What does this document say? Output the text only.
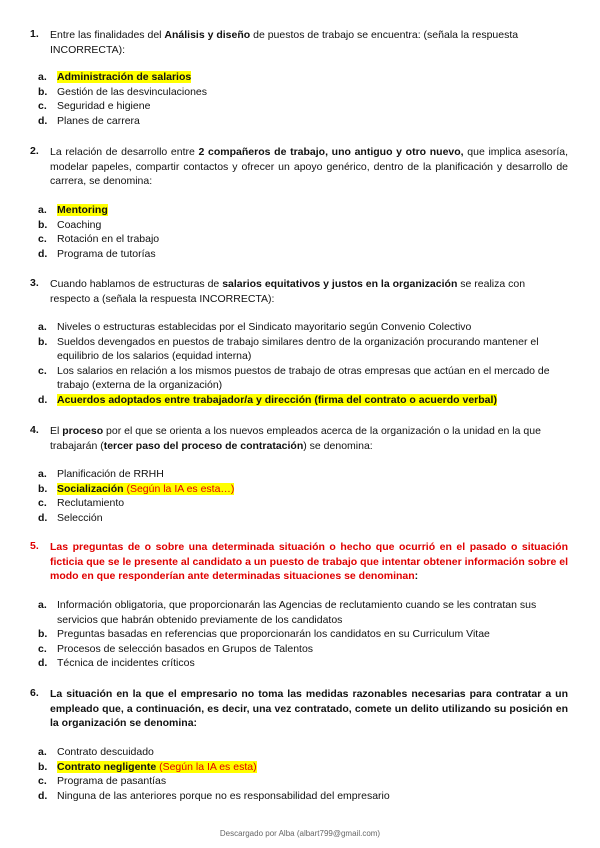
1. Entre las finalidades del Análisis y diseño de puestos de trabajo se encuentra: (señala la respuesta       INCORRECTA):
a. Administración de salarios
b. Gestión de las desvinculaciones
c. Seguridad e higiene
d. Planes de carrera
2. La relación de desarrollo entre 2 compañeros de trabajo, uno antiguo y otro nuevo, que implica asesoría, modelar papeles, compartir contactos y ofrecer un apoyo genérico, dentro de la planificación y desarrollo de carrera, se denomina:
a. Mentoring
b. Coaching
c. Rotación en el trabajo
d. Programa de tutorías
3. Cuando hablamos de estructuras de salarios equitativos y justos en la organización se realiza con respecto a (señala la respuesta INCORRECTA):
a. Niveles o estructuras establecidas por el Sindicato mayoritario según Convenio Colectivo
b. Sueldos devengados en puestos de trabajo similares dentro de la organización procurando mantener el equilibrio de los salarios (equidad interna)
c. Los salarios en relación a los mismos puestos de trabajo de otras empresas que actúan en el mercado de trabajo (externa de la organización)
d. Acuerdos adoptados entre trabajador/a y dirección (firma del contrato o acuerdo verbal)
4. El proceso por el que se orienta a los nuevos empleados acerca de la organización o la unidad en la que trabajarán (tercer paso del proceso de contratación) se denomina:
a. Planificación de RRHH
b. Socialización (Según la IA es esta…)
c. Reclutamiento
d. Selección
5. Las preguntas de o sobre una determinada situación o hecho que ocurrió en el pasado o situación ficticia que se le presente al candidato a un puesto de trabajo que intentar obtener información sobre el modo en que responderían ante determinadas situaciones se denominan:
a. Información obligatoria, que proporcionarán las Agencias de reclutamiento cuando se les contratan sus servicios que habrán obtenido previamente de los candidatos
b. Preguntas basadas en referencias que proporcionarán los candidatos en su Curriculum Vitae
c. Procesos de selección basados en Grupos de Talentos
d. Técnica de incidentes críticos
6. La situación en la que el empresario no toma las medidas razonables necesarias para contratar a un empleado que, a continuación, es decir, una vez contratado, comete un delito utilizando su posición en la organización se denomina:
a. Contrato descuidado
b. Contrato negligente (Según la IA es esta)
c. Programa de pasantías
d. Ninguna de las anteriores porque no es responsabilidad del empresario
Descargado por Alba (albart799@gmail.com)
